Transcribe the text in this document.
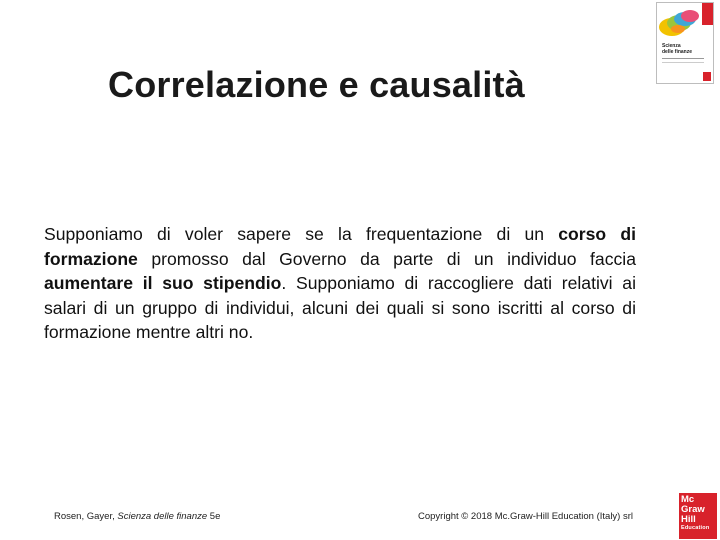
Correlazione e causalità
Supponiamo di voler sapere se la frequentazione di un corso di formazione promosso dal Governo da parte di un individuo faccia aumentare il suo stipendio. Supponiamo di raccogliere dati relativi ai salari di un gruppo di individui, alcuni dei quali si sono iscritti al corso di formazione mentre altri no.
Scienza
delle finanze
Rosen, Gayer, Scienza delle finanze 5e	Copyright © 2018 Mc.Graw-Hill Education (Italy) srl
Mc
Graw
Hill
Education
